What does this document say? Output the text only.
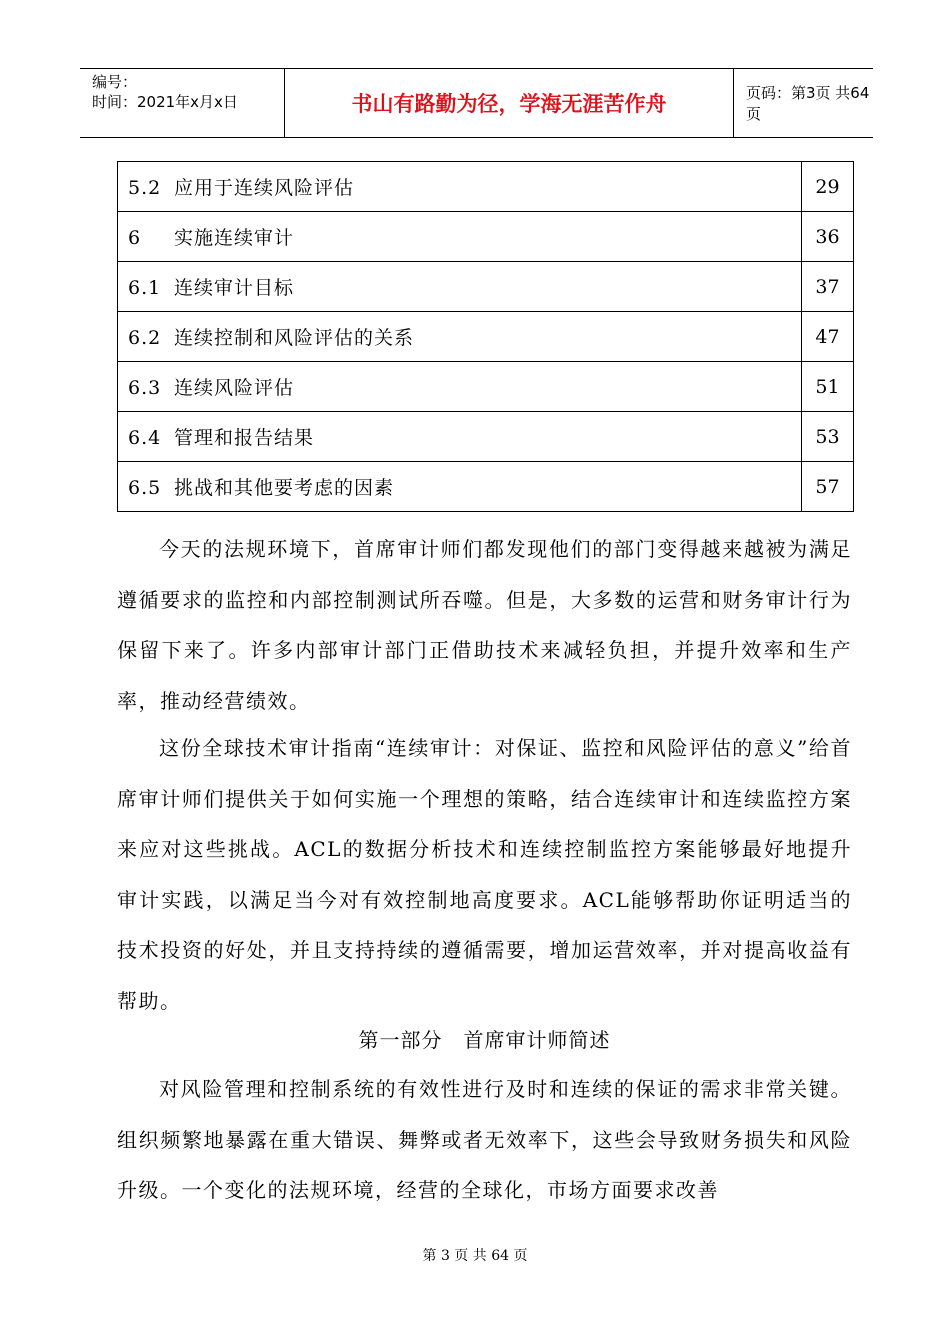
编号：
时间：2021年x月x日	书山有路勤为径，学海无涯苦作舟	页码：第3页 共64页
5.2 应用于连续风险评估	29
6 实施连续审计	36
6.1 连续审计目标	37
6.2 连续控制和风险评估的关系	47
6.3 连续风险评估	51
6.4 管理和报告结果	53
6.5 挑战和其他要考虑的因素	57

今天的法规环境下，首席审计师们都发现他们的部门变得越来越被为满足遵循要求的监控和内部控制测试所吞噬。但是，大多数的运营和财务审计行为保留下来了。许多内部审计部门正借助技术来减轻负担，并提升效率和生产率，推动经营绩效。

这份全球技术审计指南“连续审计：对保证、监控和风险评估的意义”给首席审计师们提供关于如何实施一个理想的策略，结合连续审计和连续监控方案来应对这些挑战。ACL的数据分析技术和连续控制监控方案能够最好地提升审计实践，以满足当今对有效控制地高度要求。ACL能够帮助你证明适当的技术投资的好处，并且支持持续的遵循需要，增加运营效率，并对提高收益有帮助。

第一部分　首席审计师简述

对风险管理和控制系统的有效性进行及时和连续的保证的需求非常关键。组织频繁地暴露在重大错误、舞弊或者无效率下，这些会导致财务损失和风险升级。一个变化的法规环境，经营的全球化，市场方面要求改善

第 3 页 共 64 页
